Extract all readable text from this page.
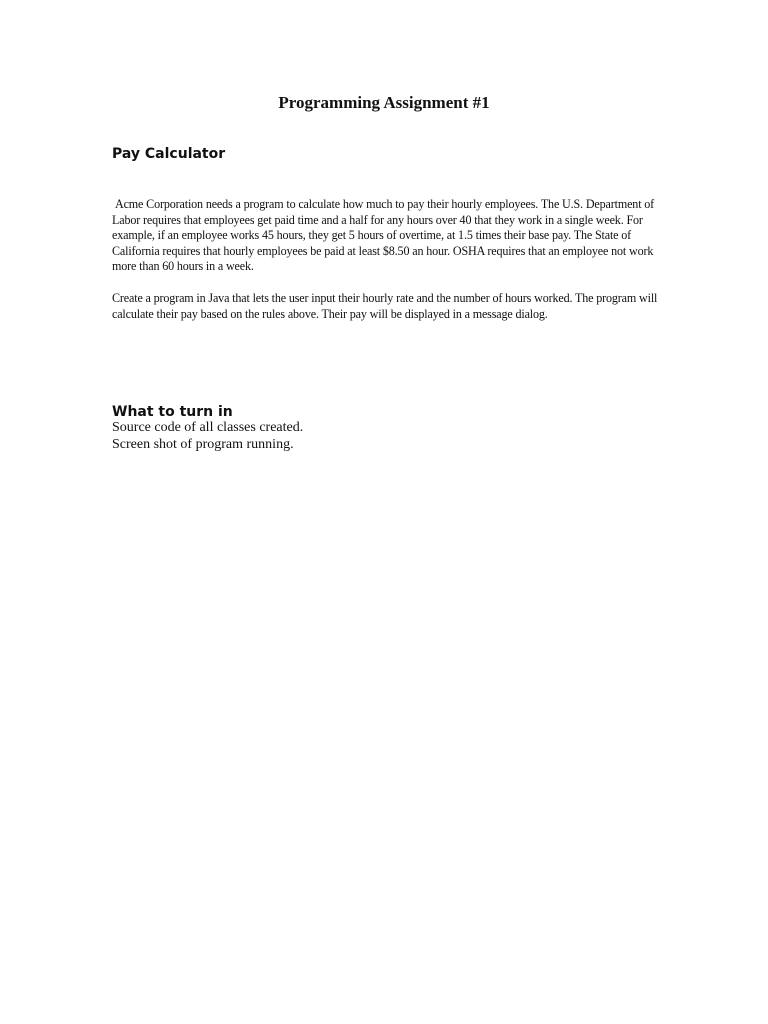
Programming Assignment #1
Pay Calculator

Acme Corporation needs a program to calculate how much to pay their hourly employees. The U.S. Department of Labor requires that employees get paid time and a half for any hours over 40 that they work in a single week. For example, if an employee works 45 hours, they get 5 hours of overtime, at 1.5 times their base pay. The State of California requires that hourly employees be paid at least $8.50 an hour. OSHA requires that an employee not work more than 60 hours in a week.

Create a program in Java that lets the user input their hourly rate and the number of hours worked. The program will calculate their pay based on the rules above. Their pay will be displayed in a message dialog.

What to turn in
Source code of all classes created.
Screen shot of program running.
